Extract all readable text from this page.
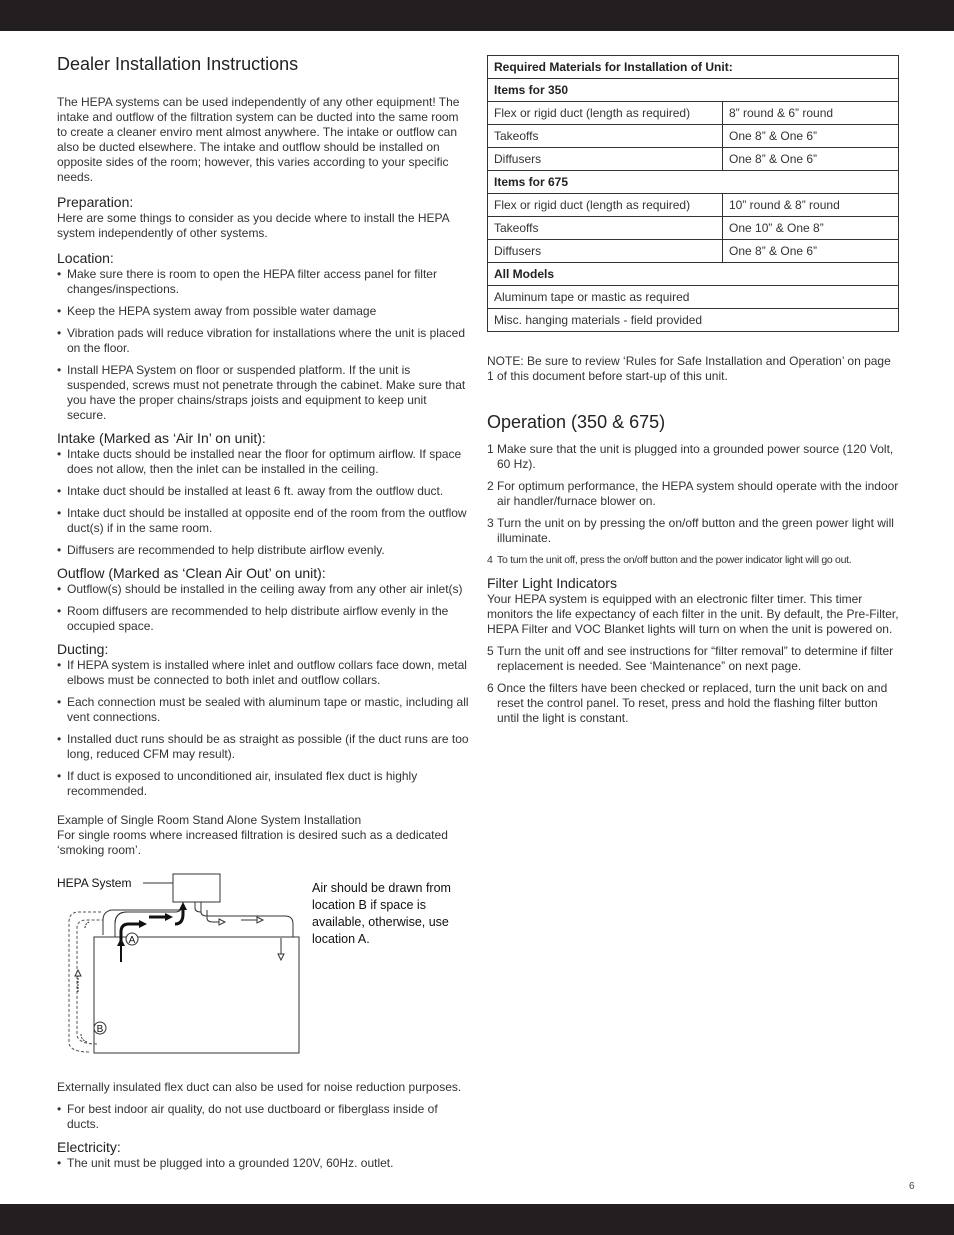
Dealer Installation Instructions

The HEPA systems can be used independently of any other equipment! The intake and outflow of the filtration system can be ducted into the same room to create a cleaner enviro ment almost anywhere. The intake or outflow can also be ducted elsewhere. The intake and outflow should be installed on opposite sides of the room; however, this varies according to your specific needs.

Preparation:

Here are some things to consider as you decide where to install the HEPA system independently of other systems.

Location:
• Make sure there is room to open the HEPA filter access panel for filter changes/inspections.
• Keep the HEPA system away from possible water damage
• Vibration pads will reduce vibration for installations where the unit is placed on the floor.
• Install HEPA System on floor or suspended platform. If the unit is suspended, screws must not penetrate through the cabinet. Make sure that you have the proper chains/straps joists and equipment to keep unit secure.
Intake (Marked as ‘Air In’ on unit):
• Intake ducts should be installed near the floor for optimum airflow. If space does not allow, then the inlet can be installed in the ceiling.
• Intake duct should be installed at least 6 ft. away from the outflow duct.
• Intake duct should be installed at opposite end of the room from the outflow duct(s) if in the same room.
• Diffusers are recommended to help distribute airflow evenly.
Outflow (Marked as ‘Clean Air Out’ on unit):
• Outflow(s) should be installed in the ceiling away from any other air inlet(s)
• Room diffusers are recommended to help distribute airflow evenly in the occupied space.
Ducting:
• If HEPA system is installed where inlet and outflow collars face down, metal elbows must be connected to both inlet and outflow collars.
• Each connection must be sealed with aluminum tape or mastic, including all vent connections.
• Installed duct runs should be as straight as possible (if the duct runs are too long, reduced CFM may result).
• If duct is exposed to unconditioned air, insulated flex duct is highly recommended.

Example of Single Room Stand Alone System Installation

For single rooms where increased filtration is desired such as a dedicated ‘smoking room’.

A
B
HEPA System	Air should be drawn from location B if space is available, otherwise, use location A.

Externally insulated flex duct can also be used for noise reduction purposes.

• For best indoor air quality, do not use ductboard or fiberglass inside of ducts.
Electricity:
• The unit must be plugged into a grounded 120V, 60Hz. outlet.
Required Materials for Installation of Unit:	
Items for 350	
Flex or rigid duct (length as required)	8” round & 6” round
Takeoffs	One 8” & One 6”
Diffusers	One 8” & One 6”
Items for 675	
Flex or rigid duct (length as required)	10” round & 8” round
Takeoffs	One 10” & One 8”
Diffusers	One 8” & One 6”
All Models	
Aluminum tape or mastic as required	
Misc. hanging materials - field provided	

NOTE: Be sure to review ‘Rules for Safe Installation and Operation’ on page 1 of this document before start-up of this unit.

Operation (350 & 675)
1 Make sure that the unit is plugged into a grounded power source (120 Volt, 60 Hz).
2 For optimum performance, the HEPA system should operate with the indoor air handler/furnace blower on.
3 Turn the unit on by pressing the on/off button and the green power light will illuminate.
4 To turn the unit off, press the on/off button and the power indicator light will go out.
Filter Light Indicators

Your HEPA system is equipped with an electronic filter timer. This timer monitors the life expectancy of each filter in the unit. By default, the Pre-Filter, HEPA Filter and VOC Blanket lights will turn on when the unit is powered on.

5 Turn the unit off and see instructions for “filter removal” to determine if filter replacement is needed. See ‘Maintenance” on next page.
6 Once the filters have been checked or replaced, turn the unit back on and reset the control panel. To reset, press and hold the flashing filter button until the light is constant.
6
